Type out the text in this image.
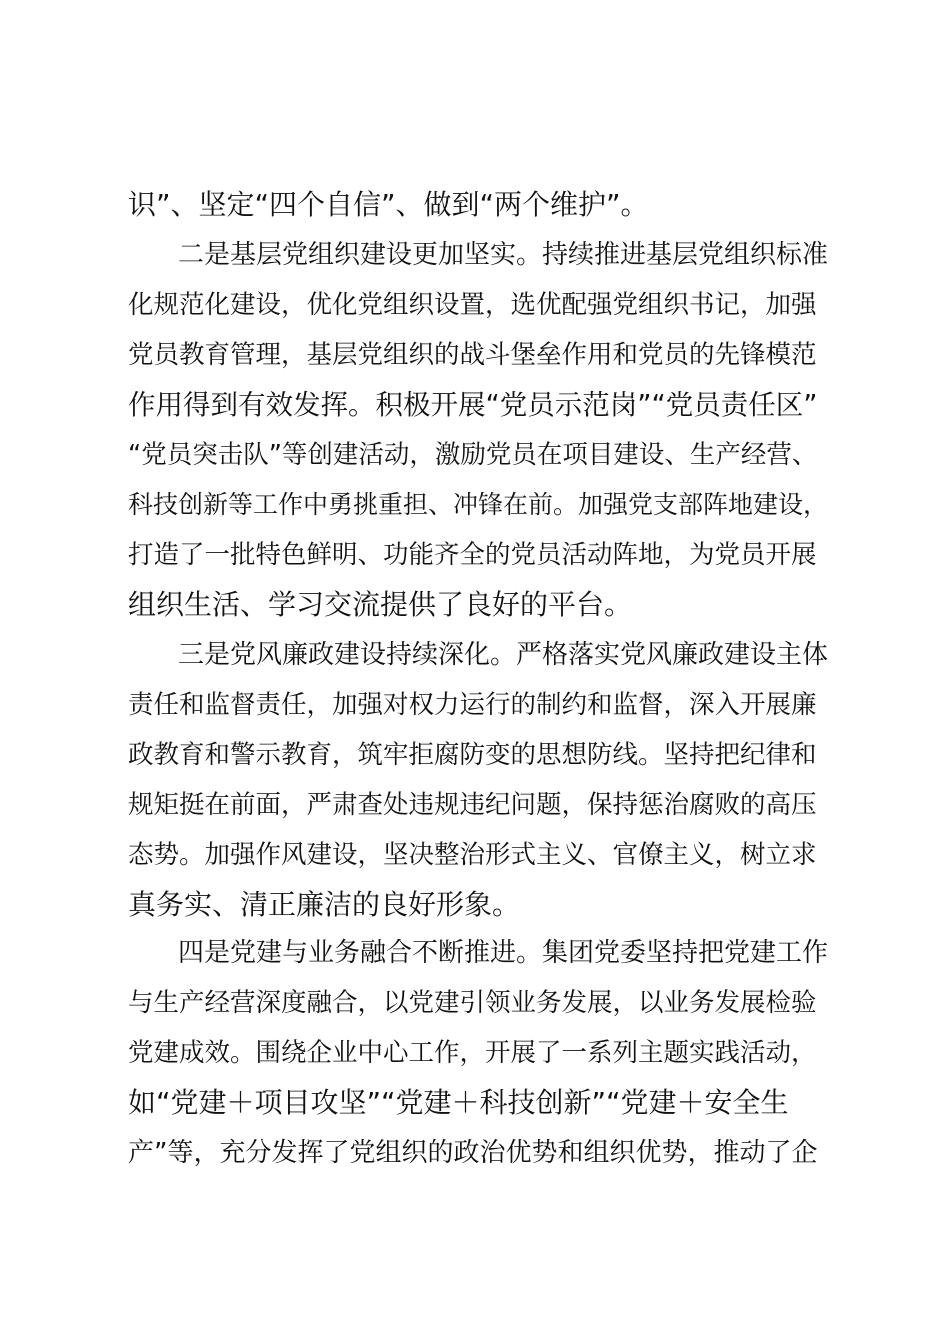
识”、坚定“四个自信”、做到“两个维护”。
二是基层党组织建设更加坚实。持续推进基层党组织标准
化规范化建设，优化党组织设置，选优配强党组织书记，加强
党员教育管理，基层党组织的战斗堡垒作用和党员的先锋模范
作用得到有效发挥。积极开展“党员示范岗”“党员责任区”
“党员突击队”等创建活动，激励党员在项目建设、生产经营、
科技创新等工作中勇挑重担、冲锋在前。加强党支部阵地建设，
打造了一批特色鲜明、功能齐全的党员活动阵地，为党员开展
组织生活、学习交流提供了良好的平台。
三是党风廉政建设持续深化。严格落实党风廉政建设主体
责任和监督责任，加强对权力运行的制约和监督，深入开展廉
政教育和警示教育，筑牢拒腐防变的思想防线。坚持把纪律和
规矩挺在前面，严肃查处违规违纪问题，保持惩治腐败的高压
态势。加强作风建设，坚决整治形式主义、官僚主义，树立求
真务实、清正廉洁的良好形象。
四是党建与业务融合不断推进。集团党委坚持把党建工作
与生产经营深度融合，以党建引领业务发展，以业务发展检验
党建成效。围绕企业中心工作，开展了一系列主题实践活动，
如“党建＋项目攻坚”“党建＋科技创新”“党建＋安全生
产”等，充分发挥了党组织的政治优势和组织优势，推动了企
